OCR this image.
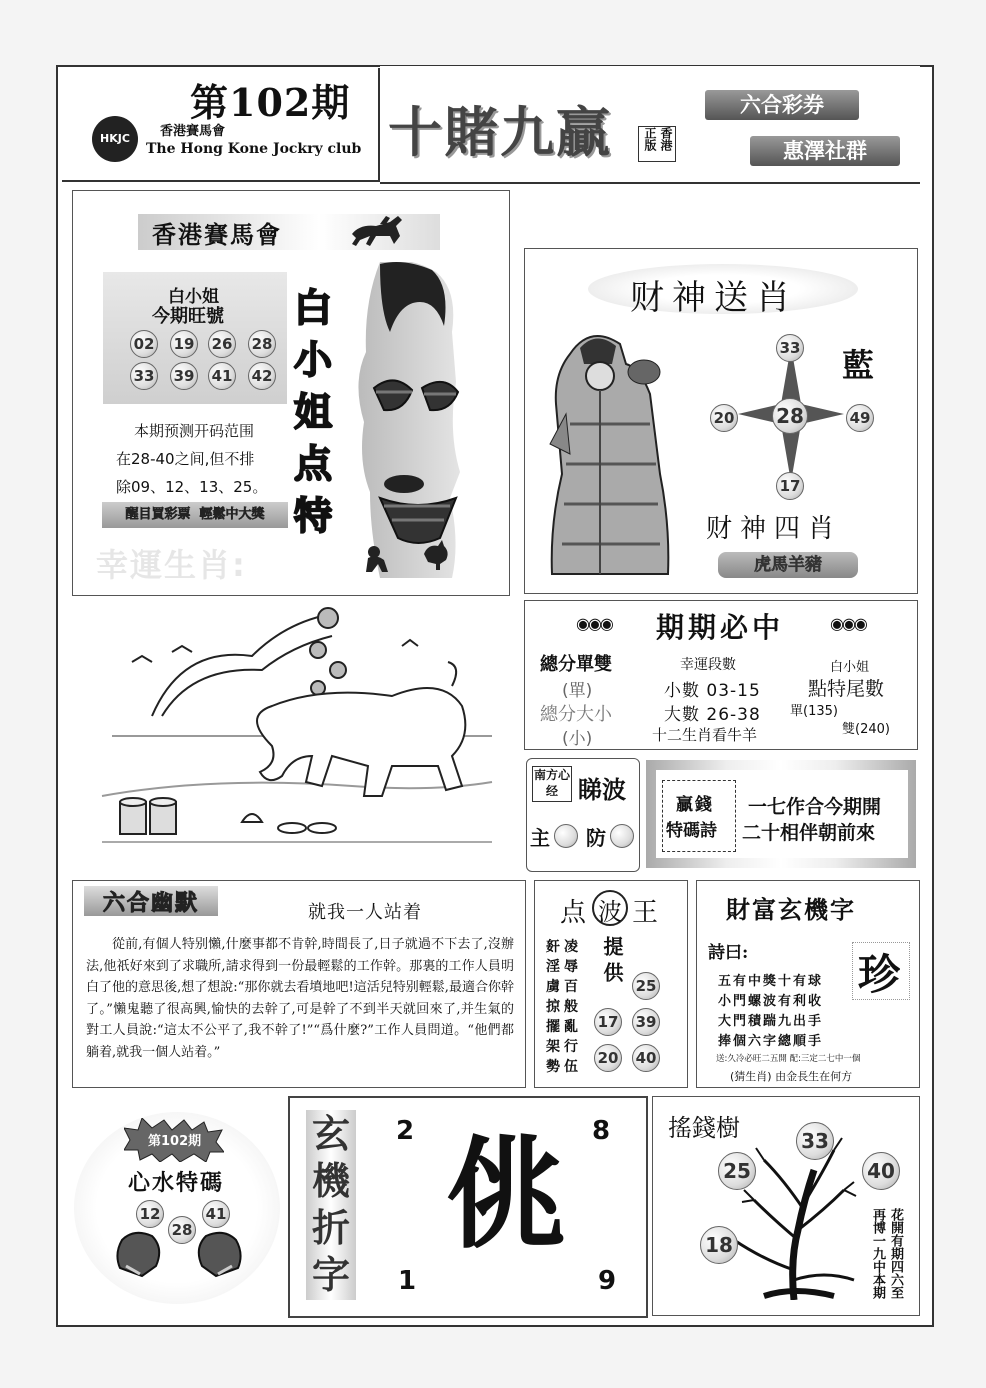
HKJC
第102期
香港賽馬會
The Hong Kone Jockry club 十賭九贏	香港正版
六合彩券
惠澤社群
香港賽馬會
白小姐
今期旺號
02 19 26 28
33 39 41 42
白小姐点特
本期预测开码范围
在28-40之间,但不排
除09、12、13、25。
醒目買彩票  輕鬆中大獎
幸運生肖:
财神送肖
33
20 28	49
17
藍
财神四肖
虎馬羊豬
◉◉◉	◉◉◉
期期必中
總分單雙	幸運段數	白小姐
(單)	小數 03-15 點特尾數
總分大小	大數 26-38 單(135)
(小)	十二生肖看牛羊	雙(240)
南方心经 睇波
主 防
贏錢
特碼詩
一七作合今期開
二十相伴朝前來
六合幽默	就我一人站着
從前,有個人特别懶,什麼事都不肯幹,時間長了,日子就過不下去了,沒辦法,他祇好來到了求職所,請求得到一份最輕鬆的工作幹。那裏的工作人員明白了他的意思後,想了想說:“那你就去看墳地吧!這活兒特别輕鬆,最適合你幹了。”懶鬼聽了很高興,愉快的去幹了,可是幹了不到半天就回來了,并生氣的對工人員說:“這太不公平了,我不幹了!”“爲什麼?”工作人員問道。“他們都躺着,就我一個人站着。”
点 波 王
姧凌
淫辱
虜百
掠般
擺亂
架行
勢伍
提供 25
17 39
20 40
財富玄機字
詩曰:	珍
五有中獎十有球
小門螺波有利收
大門積踹九出手
捧個六字總順手
送:久冷必旺二五開 配:三定二七中一個
(猜生肖) 由金長生在何方
第102期
心水特碼
12
28
41
玄機折字
2	8
1	9
佻	搖錢樹	33
25	40
18	花開有期四六至 再博一九中本期
